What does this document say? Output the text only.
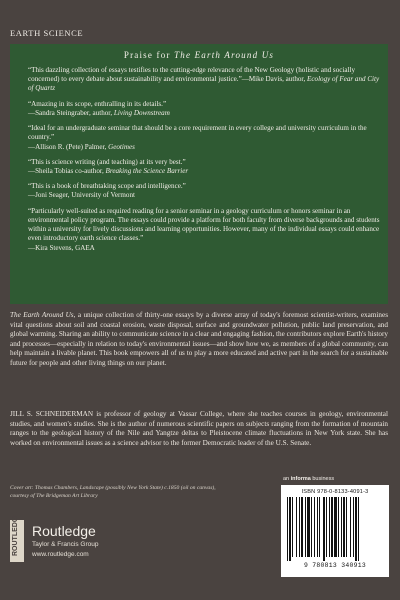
EARTH SCIENCE
Praise for The Earth Around Us

“This dazzling collection of essays testifies to the cutting-edge relevance of the New Geology (holistic and socially concerned) to every debate about sustainability and environmental justice.”—Mike Davis, author, Ecology of Fear and City of Quartz

“Amazing in its scope, enthralling in its details.”
—Sandra Steingraber, author, Living Downstream

“Ideal for an undergraduate seminar that should be a core requirement in every college and university curriculum in the country.”
—Allison R. (Pete) Palmer, Geotimes

“This is science writing (and teaching) at its very best.”
—Sheila Tobias co-author, Breaking the Science Barrier

“This is a book of breathtaking scope and intelligence.”
—Joni Seager, University of Vermont

“Particularly well-suited as required reading for a senior seminar in a geology curriculum or honors seminar in an environmental policy program. The essays could provide a platform for both faculty from diverse backgrounds and students within a university for lively discussions and learning opportunities. However, many of the individual essays could enhance even introductory earth science classes.”
—Kira Stevens, GAEA

The Earth Around Us, a unique collection of thirty-one essays by a diverse array of today's foremost scientist-writers, examines vital questions about soil and coastal erosion, waste disposal, surface and groundwater pollution, public land preservation, and global warming. Sharing an ability to communicate science in a clear and engaging fashion, the contributors explore Earth's history and processes—especially in relation to today's environmental issues—and show how we, as members of a global community, can help maintain a livable planet. This book empowers all of us to play a more educated and active part in the search for a sustainable future for people and other living things on our planet.
JILL S. SCHNEIDERMAN is professor of geology at Vassar College, where she teaches courses in geology, environmental studies, and women's studies. She is the author of numerous scientific papers on subjects ranging from the formation of mountain ranges to the geological history of the Nile and Yangtze deltas to Pleistocene climate fluctuations in New York state. She has worked on environmental issues as a science advisor to the former Democratic leader of the U.S. Senate.
Cover art: Thomas Chambers, Landscape (possibly New York State) c.1850 (oil on canvas),
courtesy of The Bridgeman Art Library
ROUTLEDGE Routledge
Taylor & Francis Group
www.routledge.com
an informa business
ISBN 978-0-8133-4091-3
9 780813 340913
